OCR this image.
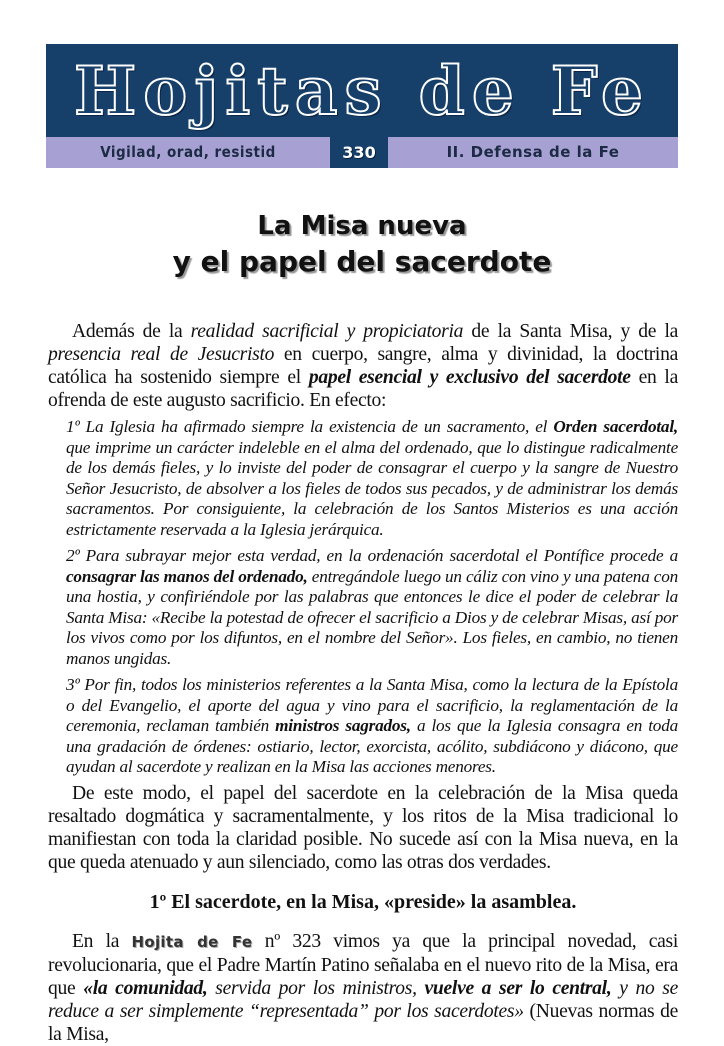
Hojitas de Fe
Vigilad, orad, resistid	330	II. Defensa de la Fe
La Misa nueva
y el papel del sacerdote

Además de la realidad sacrificial y propiciatoria de la Santa Misa, y de la presencia real de Jesucristo en cuerpo, sangre, alma y divinidad, la doctrina católica ha sostenido siempre el papel esencial y exclusivo del sacerdote en la ofrenda de este augusto sacrificio. En efecto:

1º La Iglesia ha afirmado siempre la existencia de un sacramento, el Orden sacerdotal, que imprime un carácter indeleble en el alma del ordenado, que lo distingue radicalmente de los demás fieles, y lo inviste del poder de consagrar el cuerpo y la sangre de Nuestro Señor Jesucristo, de absolver a los fieles de todos sus pecados, y de administrar los demás sacramentos. Por consiguiente, la celebración de los Santos Misterios es una acción estrictamente reservada a la Iglesia jerárquica.

2º Para subrayar mejor esta verdad, en la ordenación sacerdotal el Pontífice procede a consagrar las manos del ordenado, entregándole luego un cáliz con vino y una patena con una hostia, y confiriéndole por las palabras que entonces le dice el poder de celebrar la Santa Misa: «Recibe la potestad de ofrecer el sacrificio a Dios y de celebrar Misas, así por los vivos como por los difuntos, en el nombre del Señor». Los fieles, en cambio, no tienen manos ungidas.

3º Por fin, todos los ministerios referentes a la Santa Misa, como la lectura de la Epístola o del Evangelio, el aporte del agua y vino para el sacrificio, la reglamentación de la ceremonia, reclaman también ministros sagrados, a los que la Iglesia consagra en toda una gradación de órdenes: ostiario, lector, exorcista, acólito, subdiácono y diácono, que ayudan al sacerdote y realizan en la Misa las acciones menores.

De este modo, el papel del sacerdote en la celebración de la Misa queda resaltado dogmática y sacramentalmente, y los ritos de la Misa tradicional lo manifiestan con toda la claridad posible. No sucede así con la Misa nueva, en la que queda atenuado y aun silenciado, como las otras dos verdades.

1º El sacerdote, en la Misa, «preside» la asamblea.

En la Hojita de Fe nº 323 vimos ya que la principal novedad, casi revolucionaria, que el Padre Martín Patino señalaba en el nuevo rito de la Misa, era que «la comunidad, servida por los ministros, vuelve a ser lo central, y no se reduce a ser simplemente “representada” por los sacerdotes» (Nuevas normas de la Misa,
